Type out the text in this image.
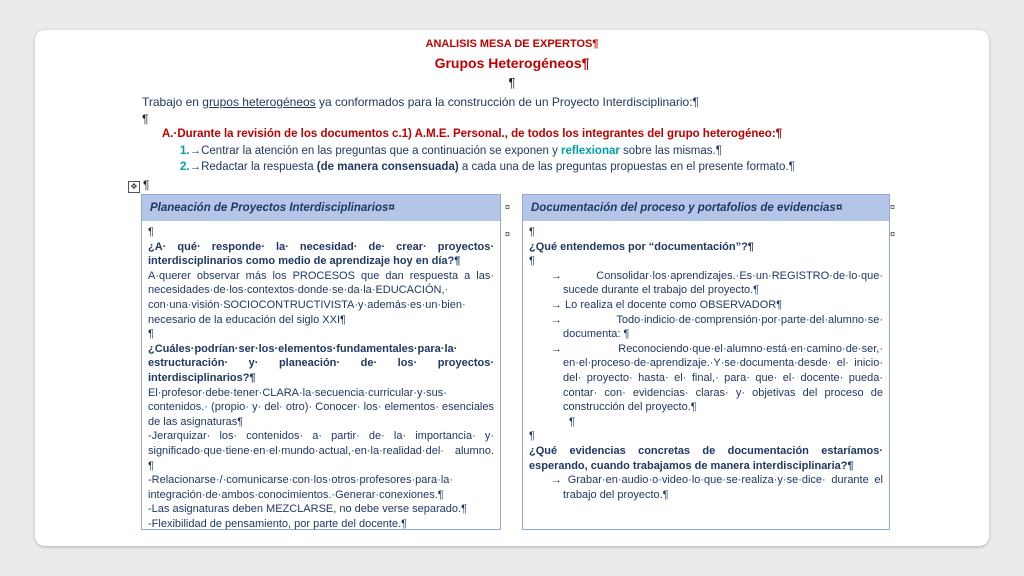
ANALISIS MESA DE EXPERTOS¶
Grupos Heterogéneos¶
¶
Trabajo en grupos heterogéneos ya conformados para la construcción de un Proyecto Interdisciplinario:¶
¶
A.·Durante la revisión de los documentos c.1) A.M.E. Personal., de todos los integrantes del grupo heterogéneo:¶
1.→Centrar la atención en las preguntas que a continuación se exponen y reflexionar sobre las mismas.¶
2.→Redactar la respuesta (de manera consensuada) a cada una de las preguntas propuestas en el presente formato.¶
✥ ¶
Planeación de Proyectos Interdisciplinarios¤

¶

¿A· qué· responde· la· necesidad· de· crear· proyectos· interdisciplinarios como medio de aprendizaje hoy en día?¶

A·querer observar más los PROCESOS que dan respuesta a las· necesidades·de·los·contextos·donde·se·da·la·EDUCACIÓN,· con·una·visión·SOCIOCONTRUCTIVISTA·y·además·es·un·bien· necesario de la educación del siglo XXI¶

¶

¿Cuáles·podrían·ser·los·elementos·fundamentales·para·la· estructuración· y· planeación· de· los· proyectos· interdisciplinarios?¶

El·profesor·debe·tener·CLARA·la·secuencia·curricular·y·sus· contenidos.· (propio· y· del· otro)· Conocer· los· elementos· esenciales de las asignaturas¶

-Jerarquizar· los· contenidos· a· partir· de· la· importancia· y· significado·que·tiene·en·el·mundo·actual,·en·la·realidad·del· alumno. ¶

-Relacionarse·/·comunicarse·con·los·otros·profesores·para·la· integración·de·ambos·conocimientos.·Generar·conexiones.¶

-Las asignaturas deben MEZCLARSE, no debe verse separado.¶

-Flexibilidad de pensamiento, por parte del docente.¶

¤
¤
¤
¤
Documentación del proceso y portafolios de evidencias¤

¶

¿Qué entendemos por “documentación”?¶

¶

→ Consolidar·los·aprendizajes.·Es·un·REGISTRO·de·lo·que· sucede durante el trabajo del proyecto.¶

→ Lo realiza el docente como OBSERVADOR¶

→ Todo·indicio·de·comprensión·por·parte·del·alumno·se· documenta: ¶

→ Reconociendo·que·el·alumno·está·en·camino·de·ser,· en·el·proceso·de·aprendizaje.·Y·se·documenta·desde· el· inicio· del· proyecto· hasta· el· final,· para· que· el· docente· pueda· contar· con· evidencias· claras· y· objetivas del proceso de construcción del proyecto.¶

¶

¶

¿Qué evidencias concretas de documentación estaríamos· esperando, cuando trabajamos de manera interdisciplinaria?¶

→ Grabar·en·audio·o·video·lo·que·se·realiza·y·se·dice· durante el trabajo del proyecto.¶
